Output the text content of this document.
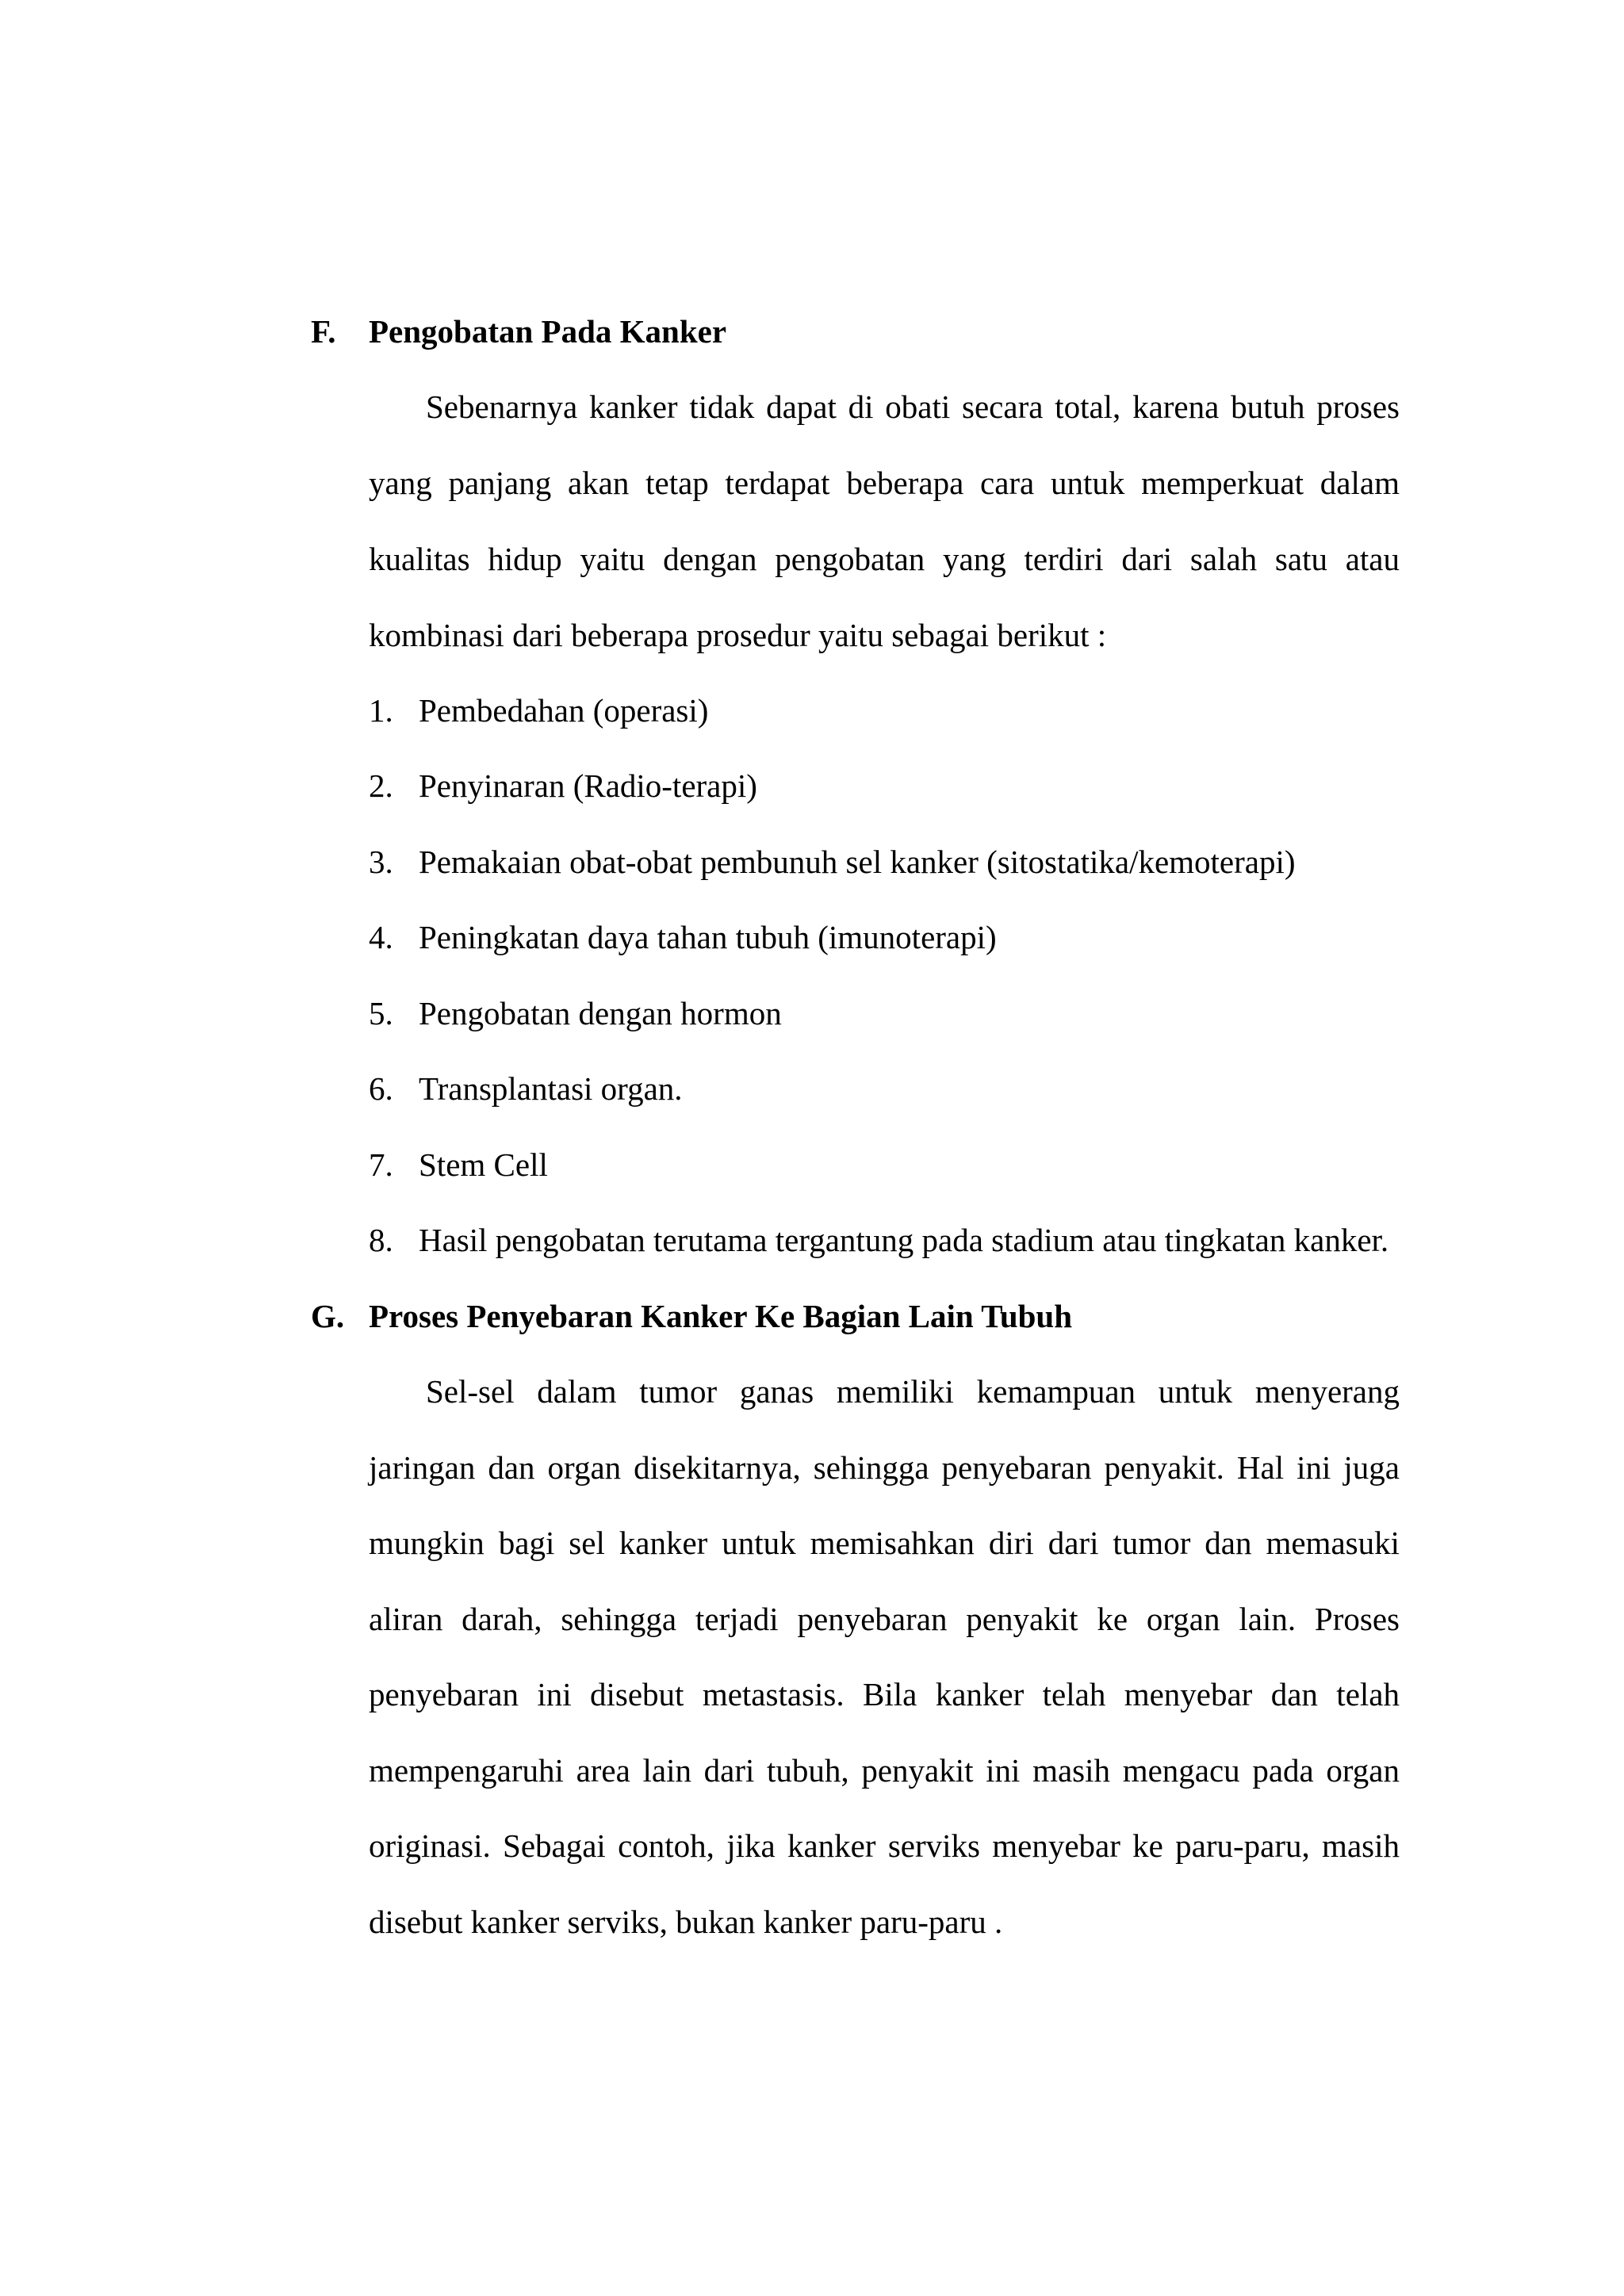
F. Pengobatan Pada Kanker
Sebenarnya kanker tidak dapat di obati secara total, karena butuh proses
yang panjang akan tetap terdapat beberapa cara untuk memperkuat dalam
kualitas hidup yaitu dengan pengobatan yang terdiri dari salah satu atau
kombinasi dari beberapa prosedur yaitu sebagai berikut :
1. Pembedahan (operasi)
2. Penyinaran (Radio-terapi)
3. Pemakaian obat-obat pembunuh sel kanker (sitostatika/kemoterapi)
4. Peningkatan daya tahan tubuh (imunoterapi)
5. Pengobatan dengan hormon
6. Transplantasi organ.
7. Stem Cell
8. Hasil pengobatan terutama tergantung pada stadium atau tingkatan kanker.
G. Proses Penyebaran Kanker Ke Bagian Lain Tubuh
Sel-sel dalam tumor ganas memiliki kemampuan untuk menyerang
jaringan dan organ disekitarnya, sehingga penyebaran penyakit. Hal ini juga
mungkin bagi sel kanker untuk memisahkan diri dari tumor dan memasuki
aliran darah, sehingga terjadi penyebaran penyakit ke organ lain. Proses
penyebaran ini disebut metastasis. Bila kanker telah menyebar dan telah
mempengaruhi area lain dari tubuh, penyakit ini masih mengacu pada organ
originasi. Sebagai contoh, jika kanker serviks menyebar ke paru-paru, masih
disebut kanker serviks, bukan kanker paru-paru .
